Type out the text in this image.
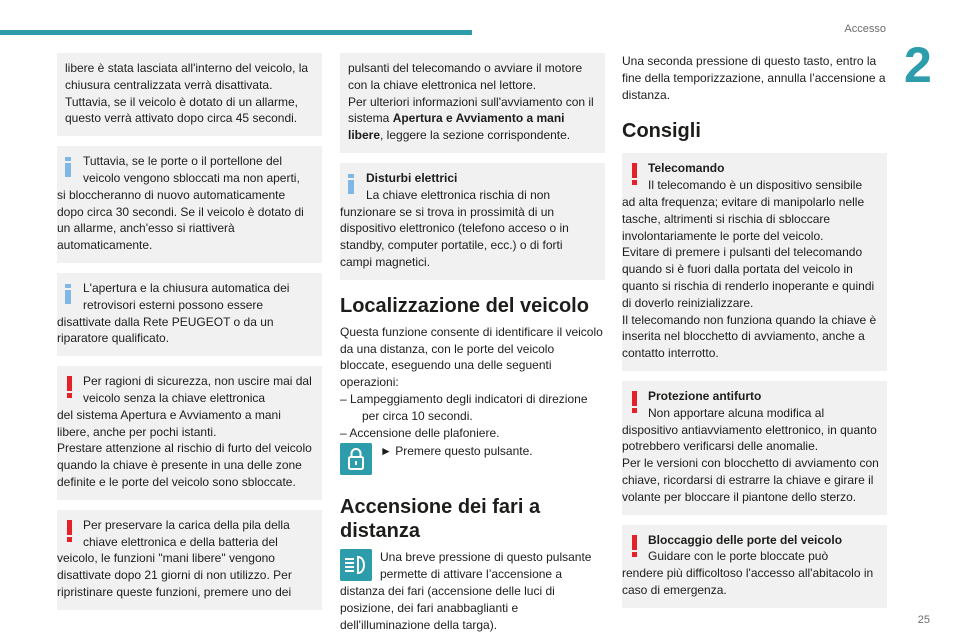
Accesso
2
25

libere è stata lasciata all'interno del veicolo, la chiusura centralizzata verrà disattivata. Tuttavia, se il veicolo è dotato di un allarme, questo verrà attivato dopo circa 45 secondi.

Tuttavia, se le porte o il portellone del veicolo vengono sbloccati ma non aperti,

si bloccheranno di nuovo automaticamente dopo circa 30 secondi. Se il veicolo è dotato di un allarme, anch'esso si riattiverà automaticamente.

L'apertura e la chiusura automatica dei retrovisori esterni possono essere

disattivate dalla Rete PEUGEOT o da un riparatore qualificato.

Per ragioni di sicurezza, non uscire mai dal veicolo senza la chiave elettronica

del sistema Apertura e Avviamento a mani libere, anche per pochi istanti.

Prestare attenzione al rischio di furto del veicolo quando la chiave è presente in una delle zone definite e le porte del veicolo sono sbloccate.

Per preservare la carica della pila della chiave elettronica e della batteria del

veicolo, le funzioni "mani libere" vengono disattivate dopo 21 giorni di non utilizzo. Per ripristinare queste funzioni, premere uno dei

pulsanti del telecomando o avviare il motore con la chiave elettronica nel lettore.

Per ulteriori informazioni sull'avviamento con il sistema Apertura e Avviamento a mani libere, leggere la sezione corrispondente.

Disturbi elettrici
La chiave elettronica rischia di non

funzionare se si trova in prossimità di un dispositivo elettronico (telefono acceso o in standby, computer portatile, ecc.) o di forti campi magnetici.

Localizzazione del veicolo

Questa funzione consente di identificare il veicolo da una distanza, con le porte del veicolo bloccate, eseguendo una delle seguenti operazioni:

– Lampeggiamento degli indicatori di direzione per circa 10 secondi.

– Accensione delle plafoniere.

► Premere questo pulsante.

Accensione dei fari a distanza

Una breve pressione di questo pulsante permette di attivare l’accensione a

distanza dei fari (accensione delle luci di posizione, dei fari anabbaglianti e dell'illuminazione della targa).

Una seconda pressione di questo tasto, entro la fine della temporizzazione, annulla l’accensione a distanza.

Consigli
Telecomando
Il telecomando è un dispositivo sensibile

ad alta frequenza; evitare di manipolarlo nelle tasche, altrimenti si rischia di sbloccare involontariamente le porte del veicolo.

Evitare di premere i pulsanti del telecomando quando si è fuori dalla portata del veicolo in quanto si rischia di renderlo inoperante e quindi di doverlo reinizializzare.

Il telecomando non funziona quando la chiave è inserita nel blocchetto di avviamento, anche a contatto interrotto.

Protezione antifurto
Non apportare alcuna modifica al

dispositivo antiavviamento elettronico, in quanto potrebbero verificarsi delle anomalie.

Per le versioni con blocchetto di avviamento con chiave, ricordarsi di estrarre la chiave e girare il volante per bloccare il piantone dello sterzo.

Bloccaggio delle porte del veicolo
Guidare con le porte bloccate può

rendere più difficoltoso l'accesso all'abitacolo in caso di emergenza.
